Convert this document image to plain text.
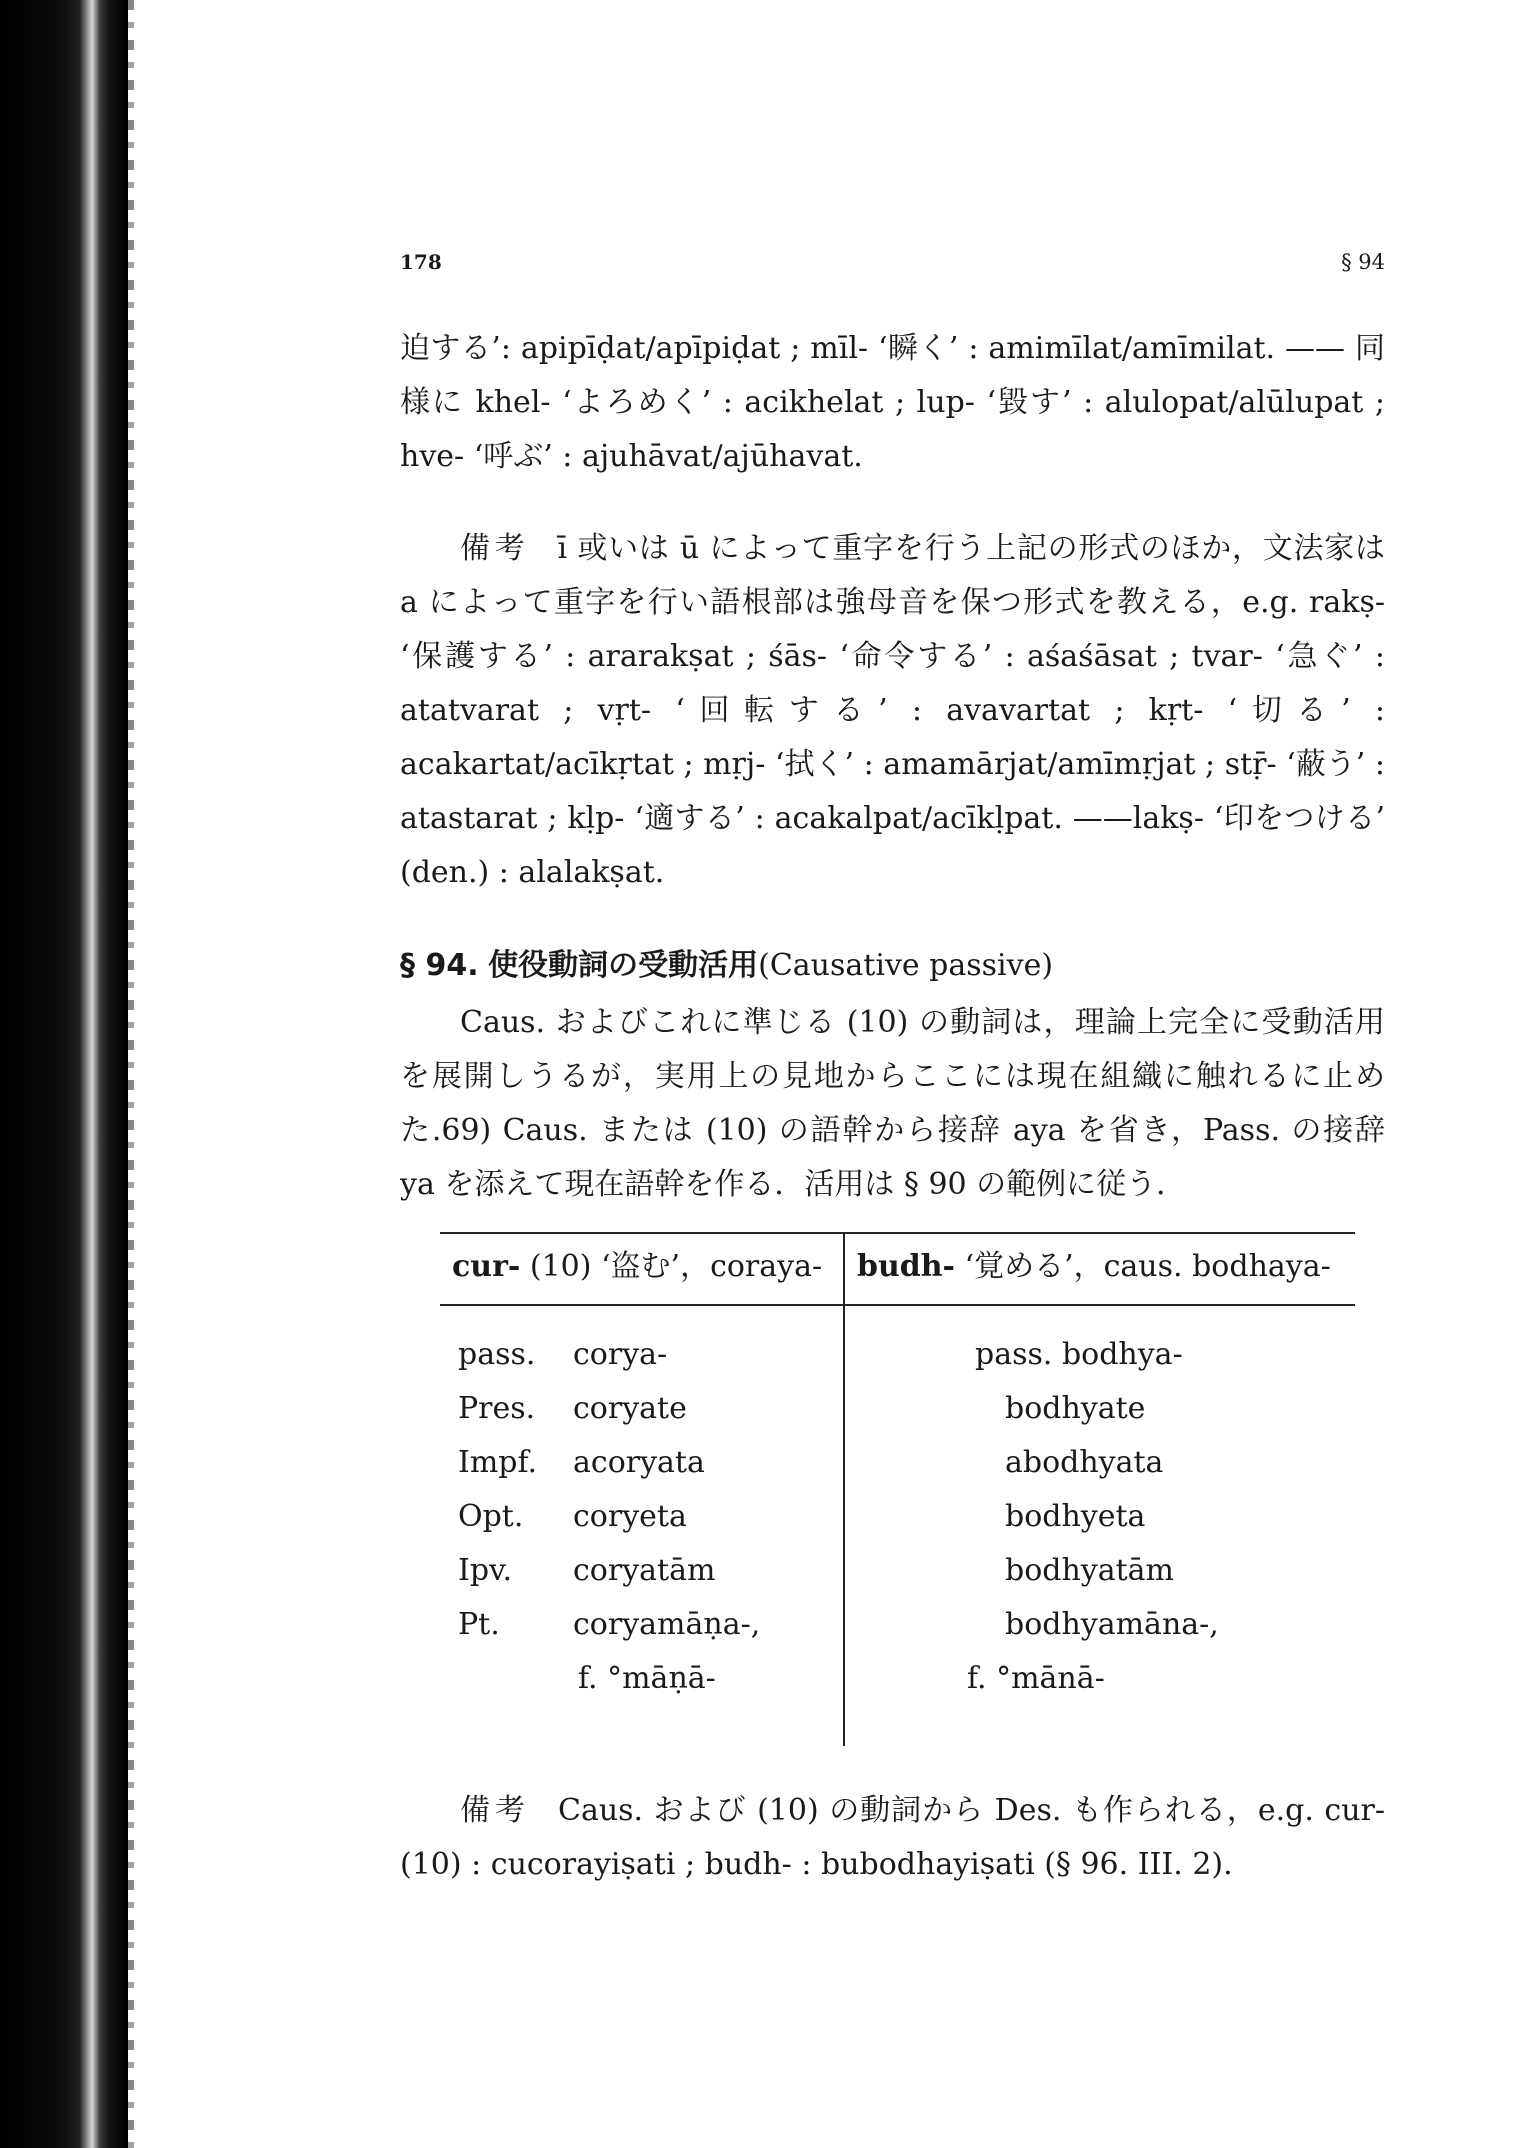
178	§ 94

迫する’: apipīḍat/apīpiḍat ; mīl- ‘瞬く’ : amimīlat/amīmilat. —— 同様に khel- ‘よろめく’ : acikhelat ; lup- ‘毀す’ : alulopat/alūlupat ; hve- ‘呼ぶ’ : ajuhāvat/ajūhavat.

備考 ī 或いは ū によって重字を行う上記の形式のほか，文法家は a によって重字を行い語根部は強母音を保つ形式を教える，e.g. rakṣ- ‘保護する’ : ararakṣat ; śās- ‘命令する’ : aśaśāsat ; tvar- ‘急ぐ’ : atatvarat ; vṛt- ‘回転する’ : avavartat ; kṛt- ‘切る’ : acakartat/acīkṛtat ; mṛj- ‘拭く’ : amamārjat/amīmṛjat ; stṝ- ‘蔽う’ : atastarat ; kḷp- ‘適する’ : acakalpat/acīkḷpat. ——lakṣ- ‘印をつける’ (den.) : alalakṣat.

§ 94. 使役動詞の受動活用(Causative passive)

Caus. およびこれに準じる (10) の動詞は，理論上完全に受動活用を展開しうるが，実用上の見地からここには現在組織に触れるに止めた.69) Caus. または (10) の語幹から接辞 aya を省き，Pass. の接辞 ya を添えて現在語幹を作る．活用は § 90 の範例に従う．

cur- (10) ‘盗む’，coraya-	budh- ‘覚める’，caus. bodhaya-
pass. corya-	pass. bodhya-
Pres. coryate	bodhyate
Impf. acoryata	abodhyata
Opt. coryeta	bodhyeta
Ipv. coryatām	bodhyatām
Pt. coryamāṇa-,	bodhyamāna-,
f. °māṇā-	f. °mānā-

備考 Caus. および (10) の動詞から Des. も作られる，e.g. cur- (10) : cucorayiṣati ; budh- : bubodhayiṣati (§ 96. III. 2).
